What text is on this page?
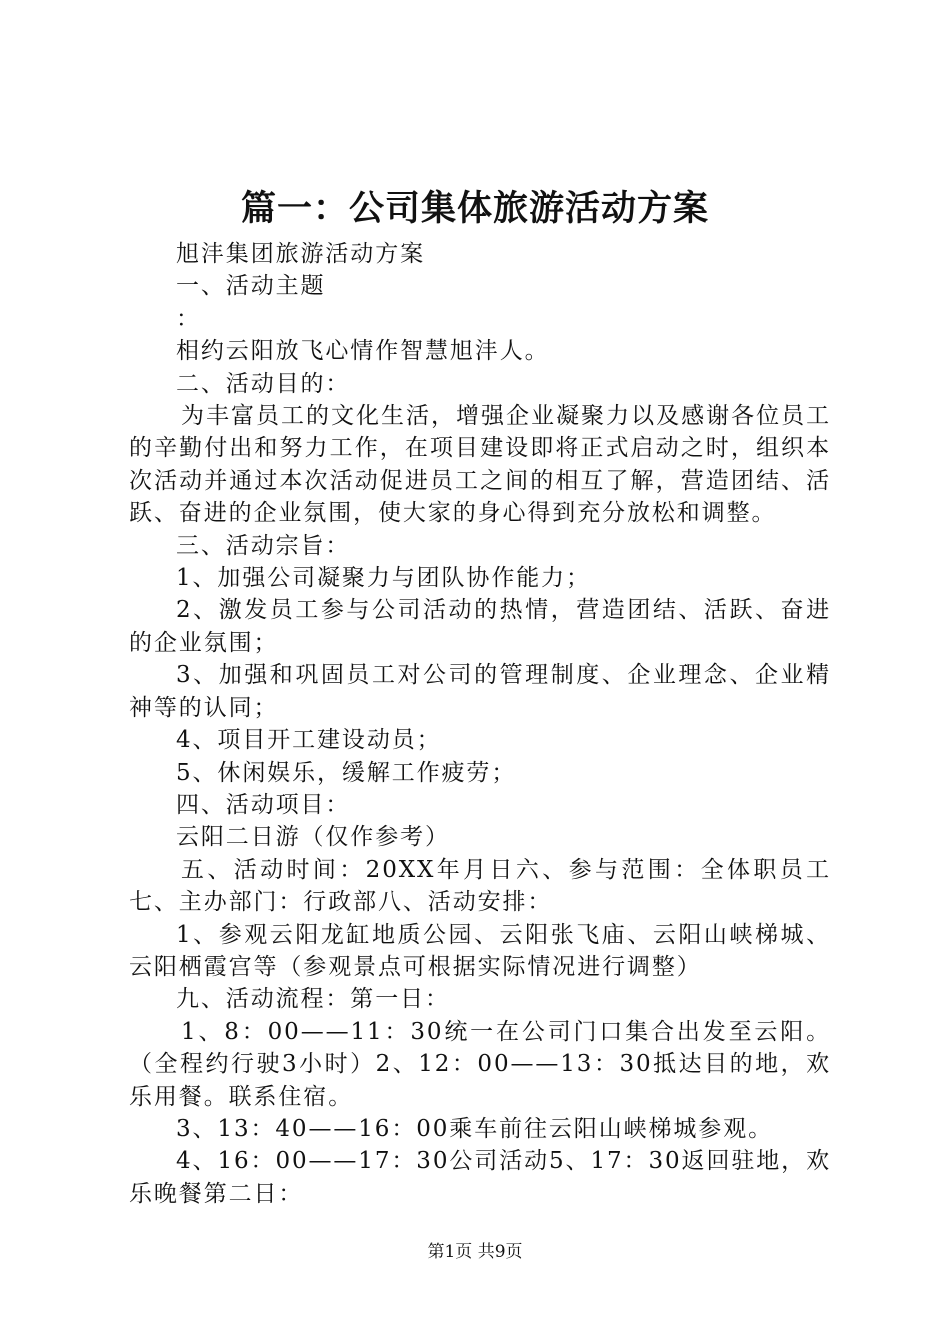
篇一：公司集体旅游活动方案

旭沣集团旅游活动方案

一、活动主题

：

相约云阳放飞心情作智慧旭沣人。

二、活动目的：

为丰富员工的文化生活，增强企业凝聚力以及感谢各位员工的辛勤付出和努力工作，在项目建设即将正式启动之时，组织本次活动并通过本次活动促进员工之间的相互了解，营造团结、活跃、奋进的企业氛围，使大家的身心得到充分放松和调整。

三、活动宗旨：

1、加强公司凝聚力与团队协作能力；

2、激发员工参与公司活动的热情，营造团结、活跃、奋进的企业氛围；

3、加强和巩固员工对公司的管理制度、企业理念、企业精神等的认同；

4、项目开工建设动员；

5、休闲娱乐，缓解工作疲劳；

四、活动项目：

云阳二日游（仅作参考）

五、活动时间：20XX年月日六、参与范围：全体职员工七、主办部门：行政部八、活动安排：

1、参观云阳龙缸地质公园、云阳张飞庙、云阳山峡梯城、云阳栖霞宫等（参观景点可根据实际情况进行调整）

九、活动流程：第一日：

1、8：00——11：30统一在公司门口集合出发至云阳。（全程约行驶3小时）2、12：00——13：30抵达目的地，欢乐用餐。联系住宿。

3、13：40——16：00乘车前往云阳山峡梯城参观。

4、16：00——17：30公司活动5、17：30返回驻地，欢乐晚餐第二日：

第1页 共9页
